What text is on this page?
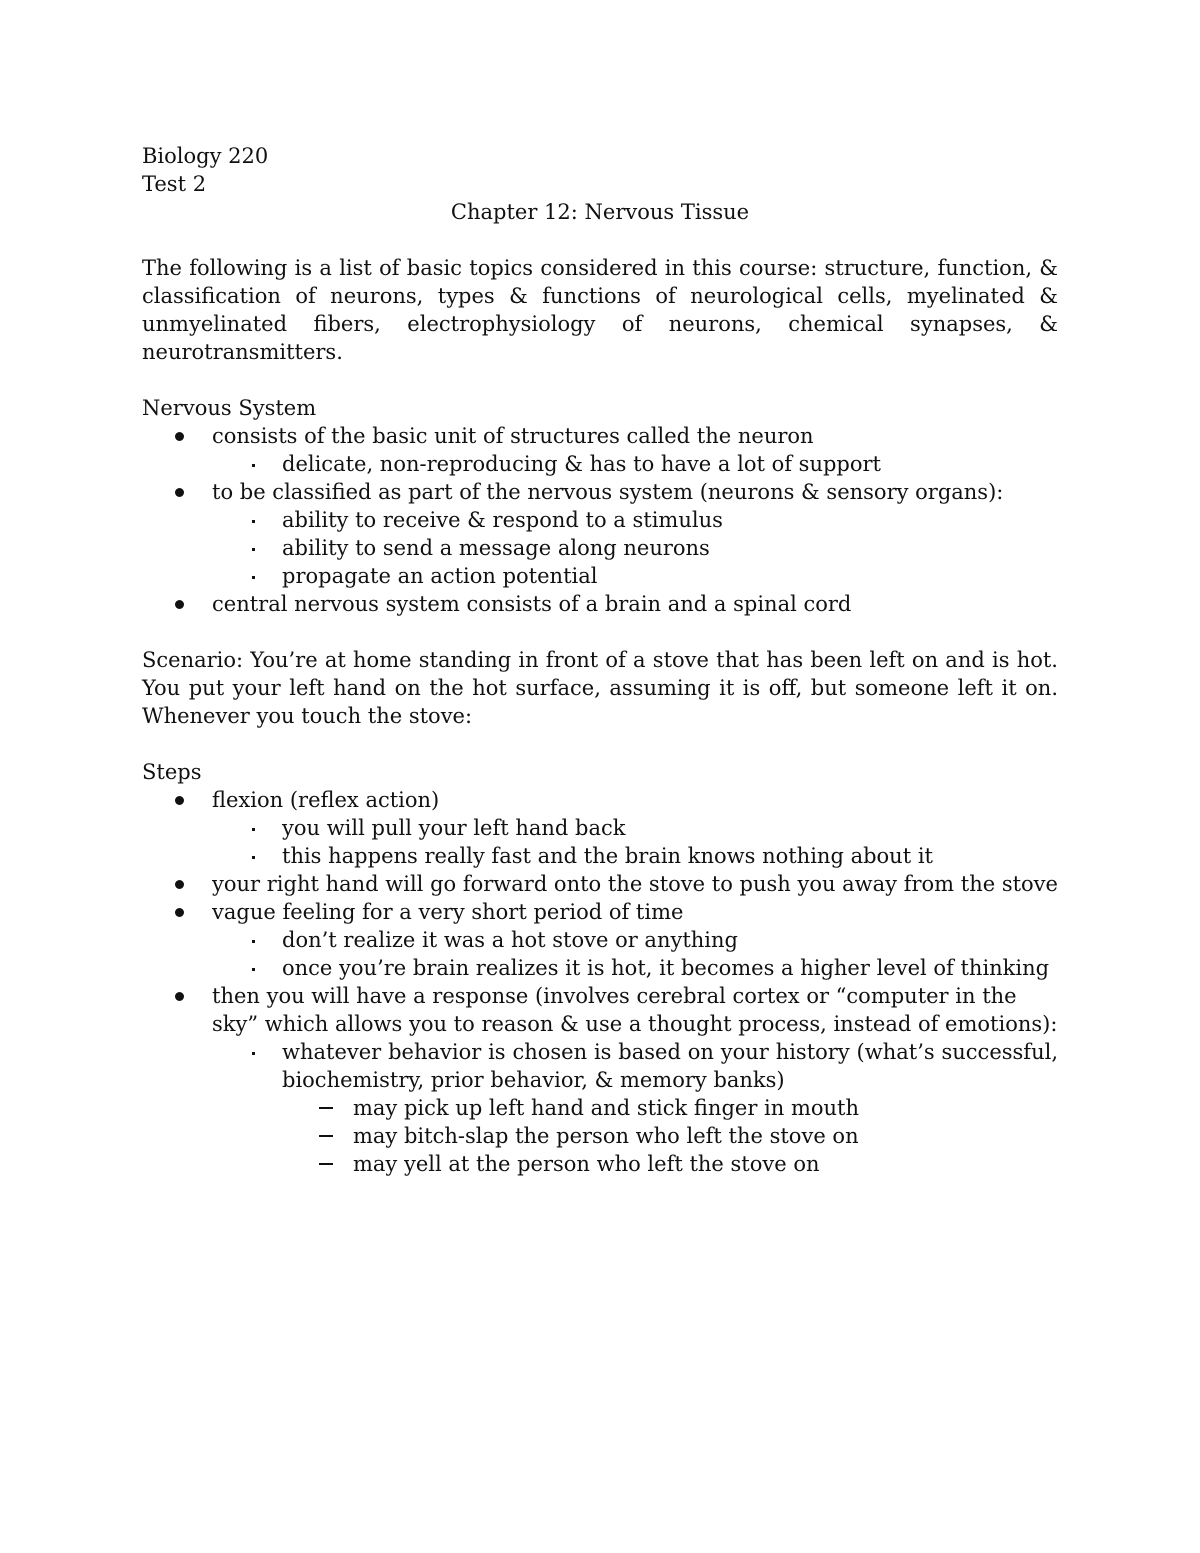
Biology 220
Test 2
Chapter 12: Nervous Tissue

The following is a list of basic topics considered in this course: structure, function, & classification of neurons, types & functions of neurological cells, myelinated & unmyelinated fibers, electrophysiology of neurons, chemical synapses, & neurotransmitters.

Nervous System
consists of the basic unit of structures called the neuron
delicate, non-reproducing & has to have a lot of support
to be classified as part of the nervous system (neurons & sensory organs):
ability to receive & respond to a stimulus
ability to send a message along neurons
propagate an action potential
central nervous system consists of a brain and a spinal cord

Scenario: You’re at home standing in front of a stove that has been left on and is hot. You put your left hand on the hot surface, assuming it is off, but someone left it on. Whenever you touch the stove:

Steps
flexion (reflex action)
you will pull your left hand back
this happens really fast and the brain knows nothing about it
your right hand will go forward onto the stove to push you away from the stove
vague feeling for a very short period of time
don’t realize it was a hot stove or anything
once you’re brain realizes it is hot, it becomes a higher level of thinking
then you will have a response (involves cerebral cortex or “computer in the sky” which allows you to reason & use a thought process, instead of emotions):
whatever behavior is chosen is based on your history (what’s successful, biochemistry, prior behavior, & memory banks)
may pick up left hand and stick finger in mouth
may bitch-slap the person who left the stove on
may yell at the person who left the stove on
